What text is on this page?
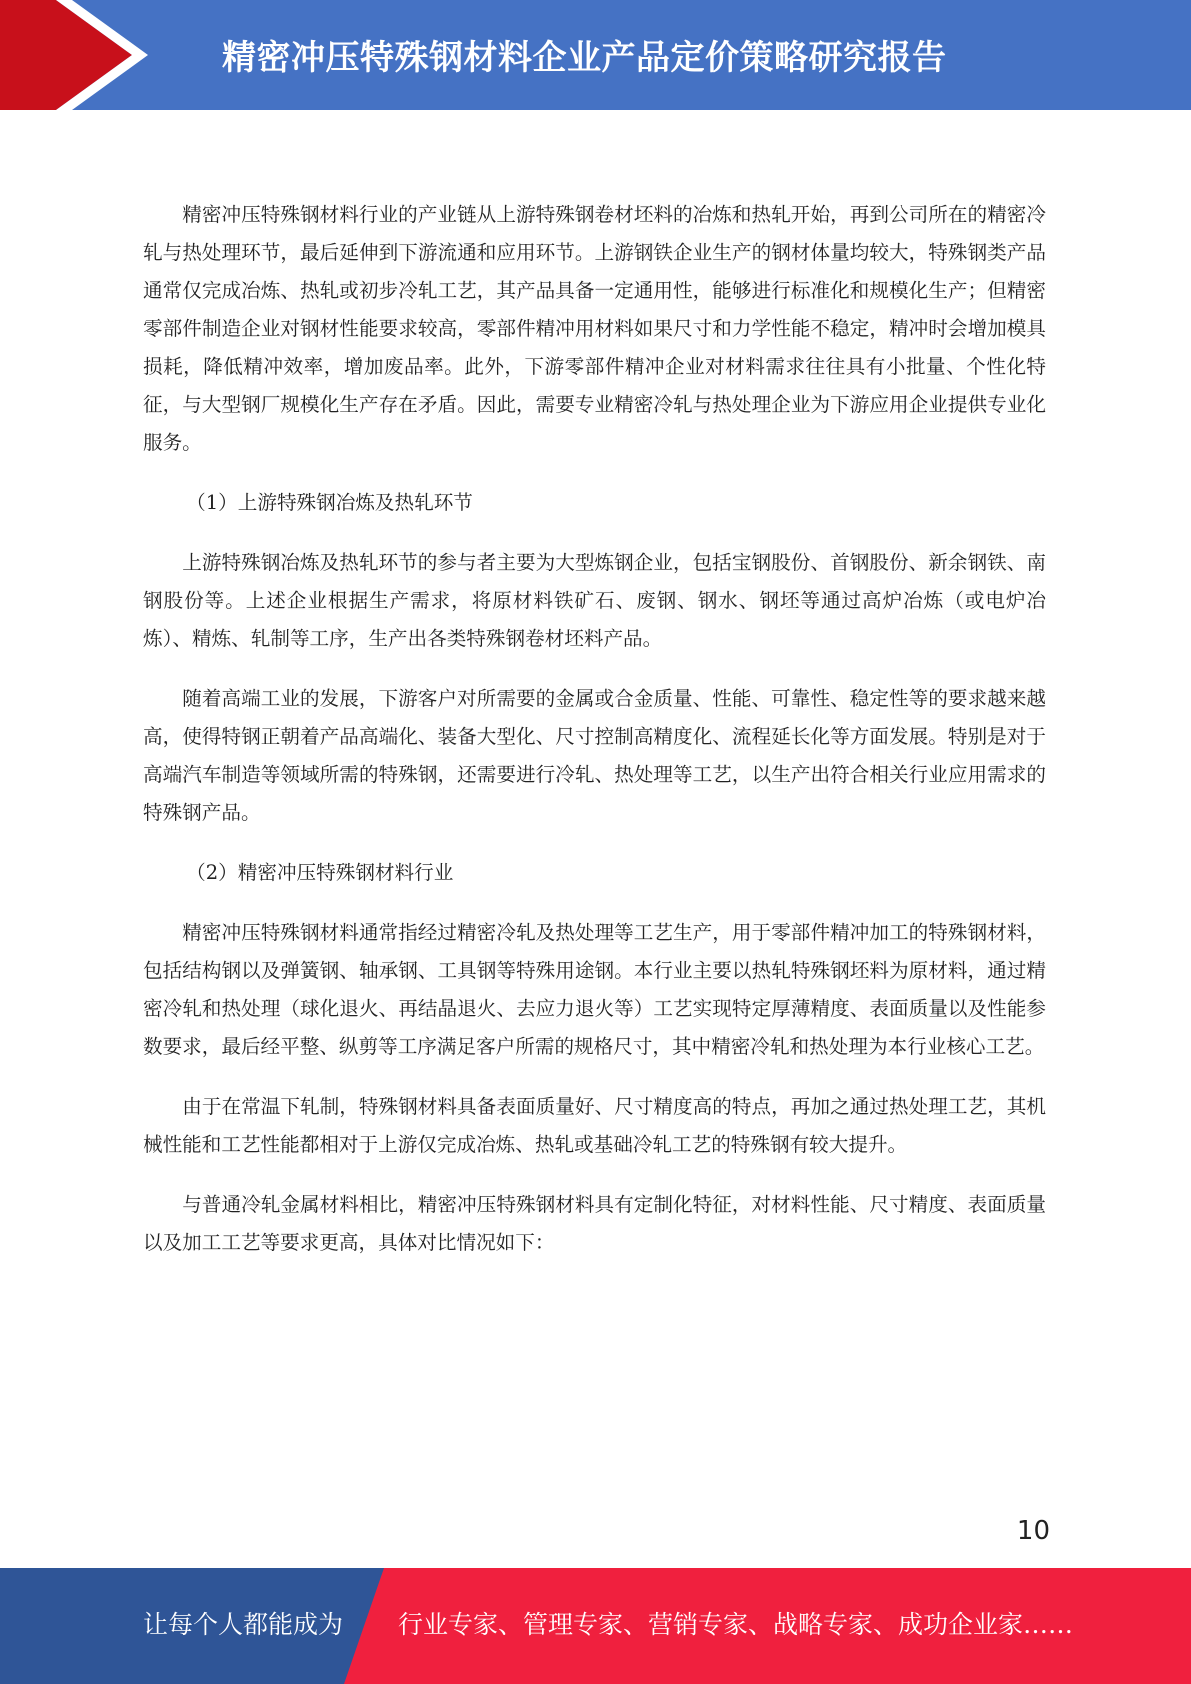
精密冲压特殊钢材料企业产品定价策略研究报告

精密冲压特殊钢材料行业的产业链从上游特殊钢卷材坯料的冶炼和热轧开始，再到公司所在的精密冷轧与热处理环节，最后延伸到下游流通和应用环节。上游钢铁企业生产的钢材体量均较大，特殊钢类产品通常仅完成冶炼、热轧或初步冷轧工艺，其产品具备一定通用性，能够进行标准化和规模化生产；但精密零部件制造企业对钢材性能要求较高，零部件精冲用材料如果尺寸和力学性能不稳定，精冲时会增加模具损耗，降低精冲效率，增加废品率。此外，下游零部件精冲企业对材料需求往往具有小批量、个性化特征，与大型钢厂规模化生产存在矛盾。因此，需要专业精密冷轧与热处理企业为下游应用企业提供专业化服务。

（1）上游特殊钢冶炼及热轧环节

上游特殊钢冶炼及热轧环节的参与者主要为大型炼钢企业，包括宝钢股份、首钢股份、新余钢铁、南钢股份等。上述企业根据生产需求，将原材料铁矿石、废钢、钢水、钢坯等通过高炉冶炼（或电炉冶炼）、精炼、轧制等工序，生产出各类特殊钢卷材坯料产品。

随着高端工业的发展，下游客户对所需要的金属或合金质量、性能、可靠性、稳定性等的要求越来越高，使得特钢正朝着产品高端化、装备大型化、尺寸控制高精度化、流程延长化等方面发展。特别是对于高端汽车制造等领域所需的特殊钢，还需要进行冷轧、热处理等工艺，以生产出符合相关行业应用需求的特殊钢产品。

（2）精密冲压特殊钢材料行业

精密冲压特殊钢材料通常指经过精密冷轧及热处理等工艺生产，用于零部件精冲加工的特殊钢材料，包括结构钢以及弹簧钢、轴承钢、工具钢等特殊用途钢。本行业主要以热轧特殊钢坯料为原材料，通过精密冷轧和热处理（球化退火、再结晶退火、去应力退火等）工艺实现特定厚薄精度、表面质量以及性能参数要求，最后经平整、纵剪等工序满足客户所需的规格尺寸，其中精密冷轧和热处理为本行业核心工艺。

由于在常温下轧制，特殊钢材料具备表面质量好、尺寸精度高的特点，再加之通过热处理工艺，其机械性能和工艺性能都相对于上游仅完成冶炼、热轧或基础冷轧工艺的特殊钢有较大提升。

与普通冷轧金属材料相比，精密冲压特殊钢材料具有定制化特征，对材料性能、尺寸精度、表面质量以及加工工艺等要求更高，具体对比情况如下：

10
让每个人都能成为 行业专家、管理专家、营销专家、战略专家、成功企业家……
